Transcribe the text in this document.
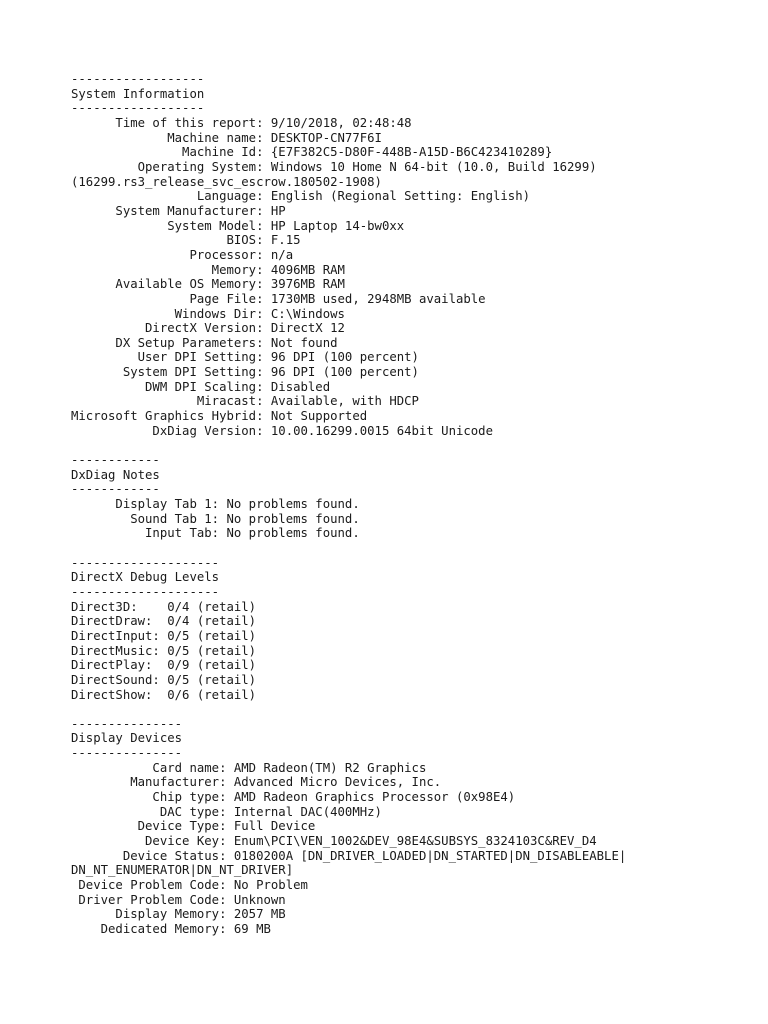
------------------
System Information
------------------
Time of this report: 9/10/2018, 02:48:48
Machine name: DESKTOP-CN77F6I
Machine Id: {E7F382C5-D80F-448B-A15D-B6C423410289}
Operating System: Windows 10 Home N 64-bit (10.0, Build 16299)
(16299.rs3_release_svc_escrow.180502-1908)
Language: English (Regional Setting: English)
System Manufacturer: HP
System Model: HP Laptop 14-bw0xx
BIOS: F.15
Processor: n/a
Memory: 4096MB RAM
Available OS Memory: 3976MB RAM
Page File: 1730MB used, 2948MB available
Windows Dir: C:\Windows
DirectX Version: DirectX 12
DX Setup Parameters: Not found
User DPI Setting: 96 DPI (100 percent)
System DPI Setting: 96 DPI (100 percent)
DWM DPI Scaling: Disabled
Miracast: Available, with HDCP
Microsoft Graphics Hybrid: Not Supported
DxDiag Version: 10.00.16299.0015 64bit Unicode
------------
DxDiag Notes
------------
Display Tab 1: No problems found.
Sound Tab 1: No problems found.
Input Tab: No problems found.
--------------------
DirectX Debug Levels
--------------------
Direct3D:    0/4 (retail)
DirectDraw:  0/4 (retail)
DirectInput: 0/5 (retail)
DirectMusic: 0/5 (retail)
DirectPlay:  0/9 (retail)
DirectSound: 0/5 (retail)
DirectShow:  0/6 (retail)
---------------
Display Devices
---------------
Card name: AMD Radeon(TM) R2 Graphics
Manufacturer: Advanced Micro Devices, Inc.
Chip type: AMD Radeon Graphics Processor (0x98E4)
DAC type: Internal DAC(400MHz)
Device Type: Full Device
Device Key: Enum\PCI\VEN_1002&DEV_98E4&SUBSYS_8324103C&REV_D4
Device Status: 0180200A [DN_DRIVER_LOADED|DN_STARTED|DN_DISABLEABLE|
DN_NT_ENUMERATOR|DN_NT_DRIVER]
Device Problem Code: No Problem
Driver Problem Code: Unknown
Display Memory: 2057 MB
Dedicated Memory: 69 MB
